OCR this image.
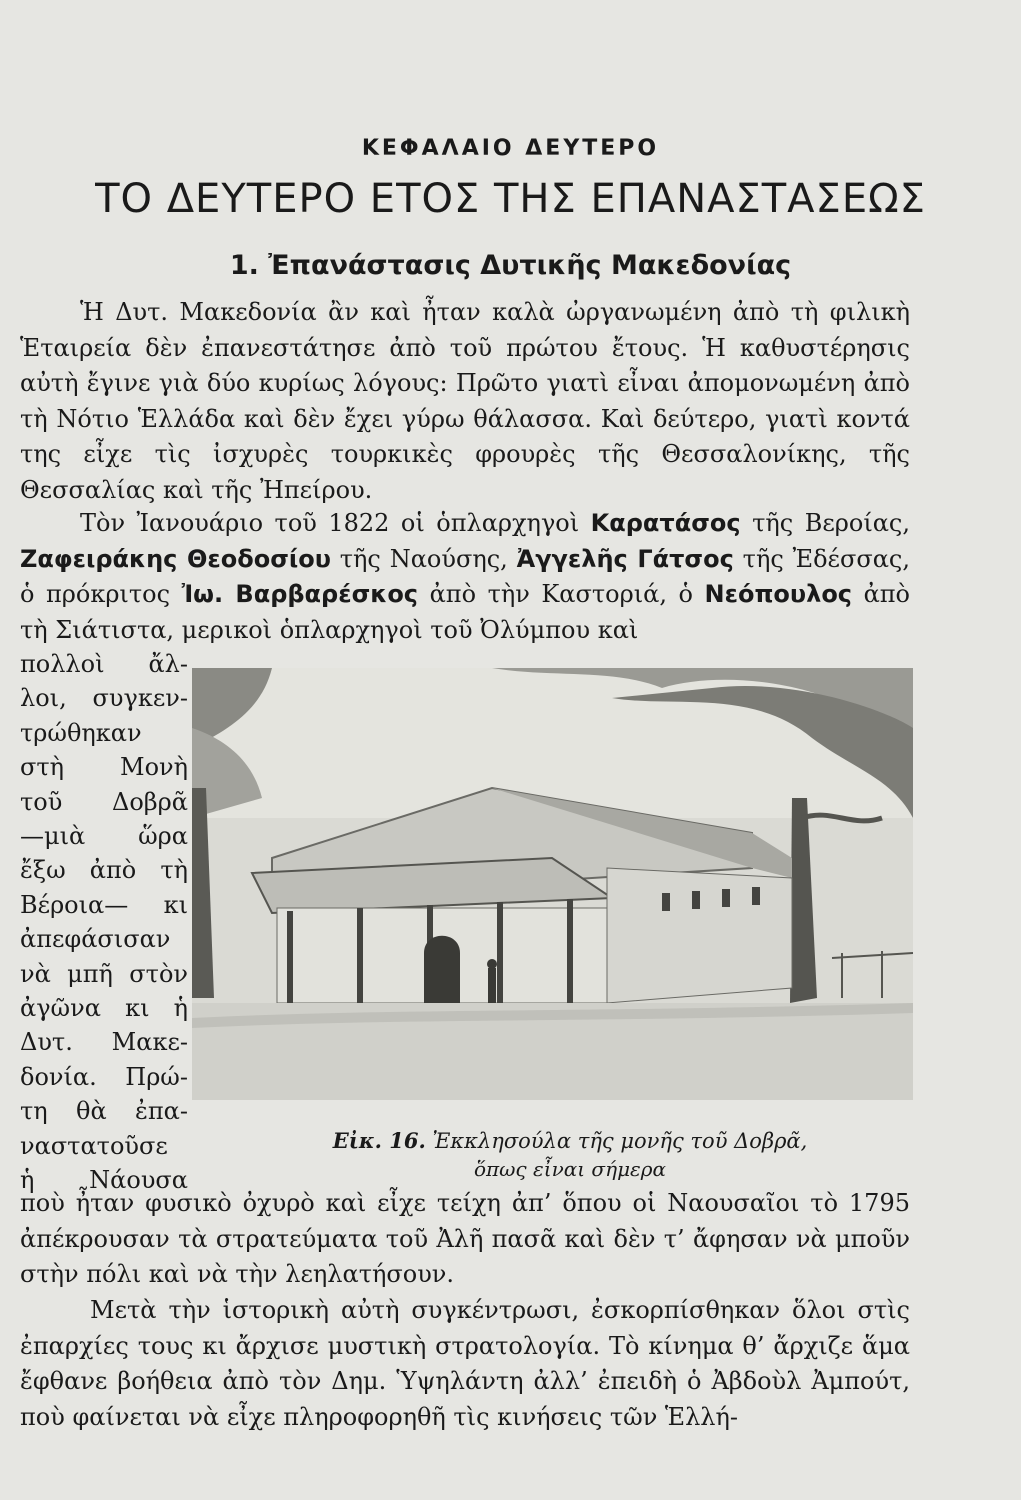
ΚΕΦΑΛΑΙΟ ΔΕΥΤΕΡΟ
ΤΟ ΔΕΥΤΕΡΟ ΕΤΟΣ ΤΗΣ ΕΠΑΝΑΣΤΑΣΕΩΣ
1. Ἐπανάστασις Δυτικῆς Μακεδονίας
Ἡ Δυτ. Μακεδονία ἂν καὶ ἦταν καλὰ ὠργανωμένη ἀπὸ τὴ φιλικὴ Ἑταιρεία δὲν ἐπανεστάτησε ἀπὸ τοῦ πρώτου ἔτους. Ἡ καθυστέρησις αὐτὴ ἔγινε γιὰ δύο κυρίως λόγους: Πρῶτο γιατὶ εἶναι ἀπομονωμένη ἀπὸ τὴ Νότιο Ἑλλάδα καὶ δὲν ἔχει γύρω θάλασσα. Καὶ δεύτερο, γιατὶ κοντά της εἶχε τὶς ἰσχυρὲς τουρκικὲς φρουρὲς τῆς Θεσσαλονίκης, τῆς Θεσσαλίας καὶ τῆς Ἠπείρου.
Τὸν Ἰανουάριο τοῦ 1822 οἱ ὁπλαρχηγοὶ Καρατάσος τῆς Βεροίας, Ζαφειράκης Θεοδοσίου τῆς Ναούσης, Ἀγγελῆς Γάτσος τῆς Ἐδέσσας, ὁ πρόκριτος Ἰω. Βαρβαρέσκος ἀπὸ τὴν Καστοριά, ὁ Νεόπουλος ἀπὸ τὴ Σιάτιστα, μερικοὶ ὁπλαρχηγοὶ τοῦ Ὀλύμπου καὶ
πολλοὶ ἄλ-
λοι, συγκεν-
τρώθηκαν
στὴ Μονὴ
τοῦ Δοβρᾶ
—μιὰ ὥρα
ἔξω ἀπὸ τὴ
Βέροια— κι
ἀπεφάσισαν
νὰ μπῆ στὸν
ἀγῶνα κι ἡ
Δυτ. Μακε-
δονία. Πρώ-
τη θὰ ἐπα-
ναστατοῦσε
ἡ Νάουσα
Εἰκ. 16. Ἐκκλησούλα τῆς μονῆς τοῦ Δοβρᾶ,
ὅπως εἶναι σήμερα
ποὺ ἦταν φυσικὸ ὀχυρὸ καὶ εἶχε τείχη ἀπ’ ὅπου οἱ Ναουσαῖοι τὸ 1795 ἀπέκρουσαν τὰ στρατεύματα τοῦ Ἀλῆ πασᾶ καὶ δὲν τ’ ἄφησαν νὰ μποῦν στὴν πόλι καὶ νὰ τὴν λεηλατήσουν.
Μετὰ τὴν ἱστορικὴ αὐτὴ συγκέντρωσι, ἐσκορπίσθηκαν ὅλοι στὶς ἐπαρχίες τους κι ἄρχισε μυστικὴ στρατολογία. Τὸ κίνημα θ’ ἄρχιζε ἅμα ἔφθανε βοήθεια ἀπὸ τὸν Δημ. Ὑψηλάντη ἀλλ’ ἐπειδὴ ὁ Ἀβδοὺλ Ἀμπούτ, ποὺ φαίνεται νὰ εἶχε πληροφορηθῆ τὶς κινήσεις τῶν Ἑλλή-
